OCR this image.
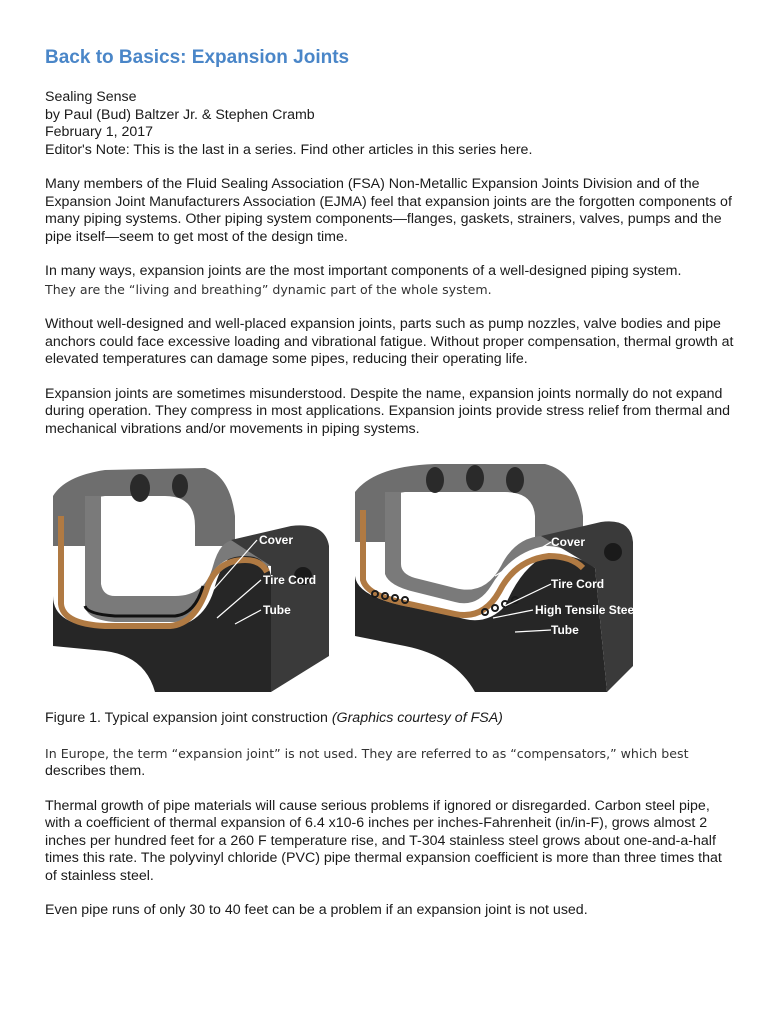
Back to Basics: Expansion Joints

Sealing Sense

by Paul (Bud) Baltzer Jr. & Stephen Cramb

February 1, 2017

Editor's Note: This is the last in a series. Find other articles in this series here.

Many members of the Fluid Sealing Association (FSA) Non-Metallic Expansion Joints Division and of the Expansion Joint Manufacturers Association (EJMA) feel that expansion joints are the forgotten components of many piping systems. Other piping system components—flanges, gaskets, strainers, valves, pumps and the pipe itself—seem to get most of the design time.

In many ways, expansion joints are the most important components of a well-designed piping system.
They are the “living and breathing” dynamic part of the whole system.

Without well-designed and well-placed expansion joints, parts such as pump nozzles, valve bodies and pipe anchors could face excessive loading and vibrational fatigue. Without proper compensation, thermal growth at elevated temperatures can damage some pipes, reducing their operating life.

Expansion joints are sometimes misunderstood. Despite the name, expansion joints normally do not expand during operation. They compress in most applications. Expansion joints provide stress relief from thermal and mechanical vibrations and/or movements in piping systems.

Cover
Tire Cord
Tube
Cover
Tire Cord
High Tensile Steel
Tube

Figure 1. Typical expansion joint construction (Graphics courtesy of FSA)

In Europe, the term “expansion joint” is not used. They are referred to as “compensators,” which best
describes them.

Thermal growth of pipe materials will cause serious problems if ignored or disregarded. Carbon steel pipe, with a coefficient of thermal expansion of 6.4 x10-6 inches per inches-Fahrenheit (in/in-F), grows almost 2 inches per hundred feet for a 260 F temperature rise, and T-304 stainless steel grows about one-and-a-half times this rate. The polyvinyl chloride (PVC) pipe thermal expansion coefficient is more than three times that of stainless steel.

Even pipe runs of only 30 to 40 feet can be a problem if an expansion joint is not used.
